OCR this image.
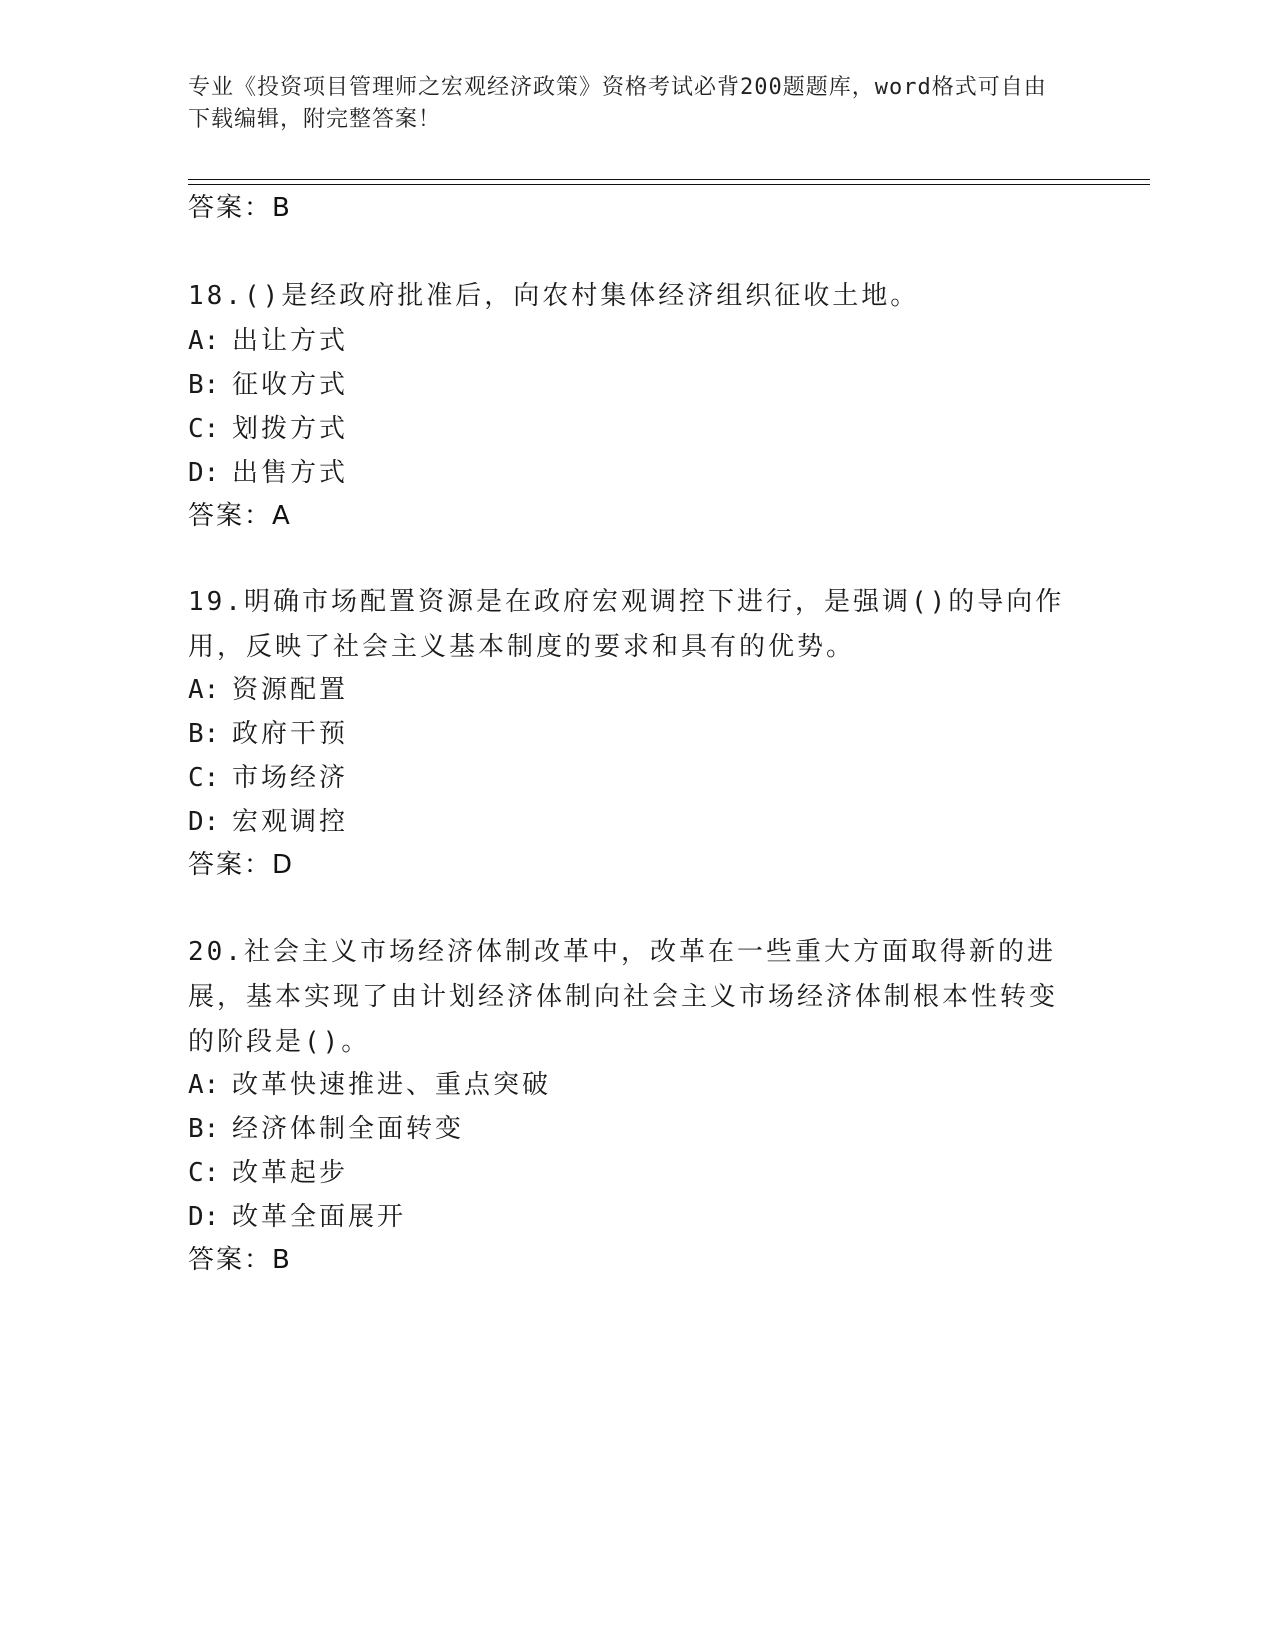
专业《投资项目管理师之宏观经济政策》资格考试必背200题题库，word格式可自由下载编辑，附完整答案！
答案：B
18.()是经政府批准后，向农村集体经济组织征收土地。
A: 出让方式
B: 征收方式
C: 划拨方式
D: 出售方式
答案：A
19.明确市场配置资源是在政府宏观调控下进行，是强调()的导向作用，反映了社会主义基本制度的要求和具有的优势。
A: 资源配置
B: 政府干预
C: 市场经济
D: 宏观调控
答案：D
20.社会主义市场经济体制改革中，改革在一些重大方面取得新的进展，基本实现了由计划经济体制向社会主义市场经济体制根本性转变的阶段是()。
A: 改革快速推进、重点突破
B: 经济体制全面转变
C: 改革起步
D: 改革全面展开
答案：B
